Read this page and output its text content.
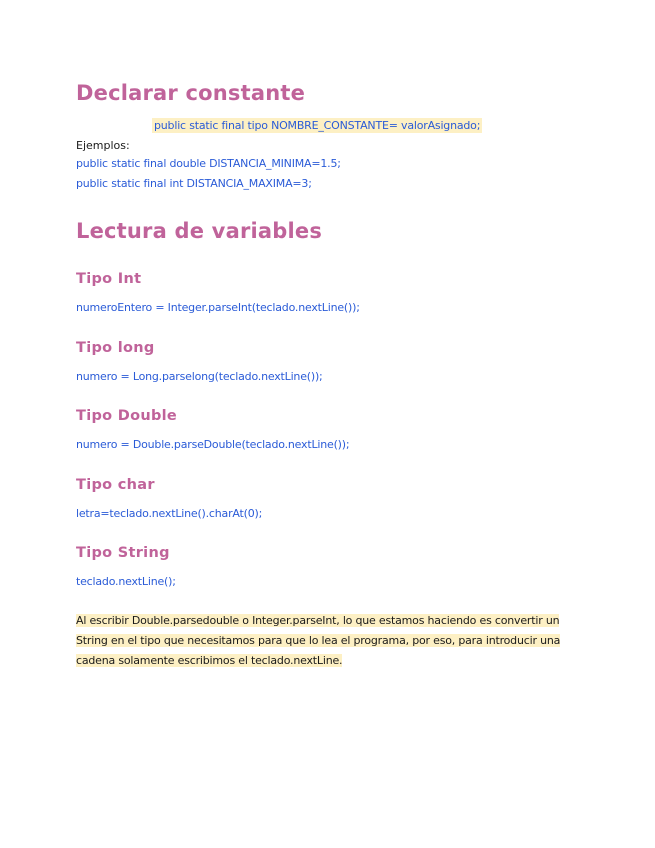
Declarar constante
public static final tipo NOMBRE_CONSTANTE= valorAsignado;
Ejemplos:
public static final double DISTANCIA_MINIMA=1.5;
public static final int DISTANCIA_MAXIMA=3;
Lectura de variables
Tipo Int
numeroEntero = Integer.parseInt(teclado.nextLine());
Tipo long
numero = Long.parselong(teclado.nextLine());
Tipo Double
numero = Double.parseDouble(teclado.nextLine());
Tipo char
letra=teclado.nextLine().charAt(0);
Tipo String
teclado.nextLine();
Al escribir Double.parsedouble o Integer.parseInt, lo que estamos haciendo es convertir un
String en el tipo que necesitamos para que lo lea el programa, por eso, para introducir una
cadena solamente escribimos el teclado.nextLine.
